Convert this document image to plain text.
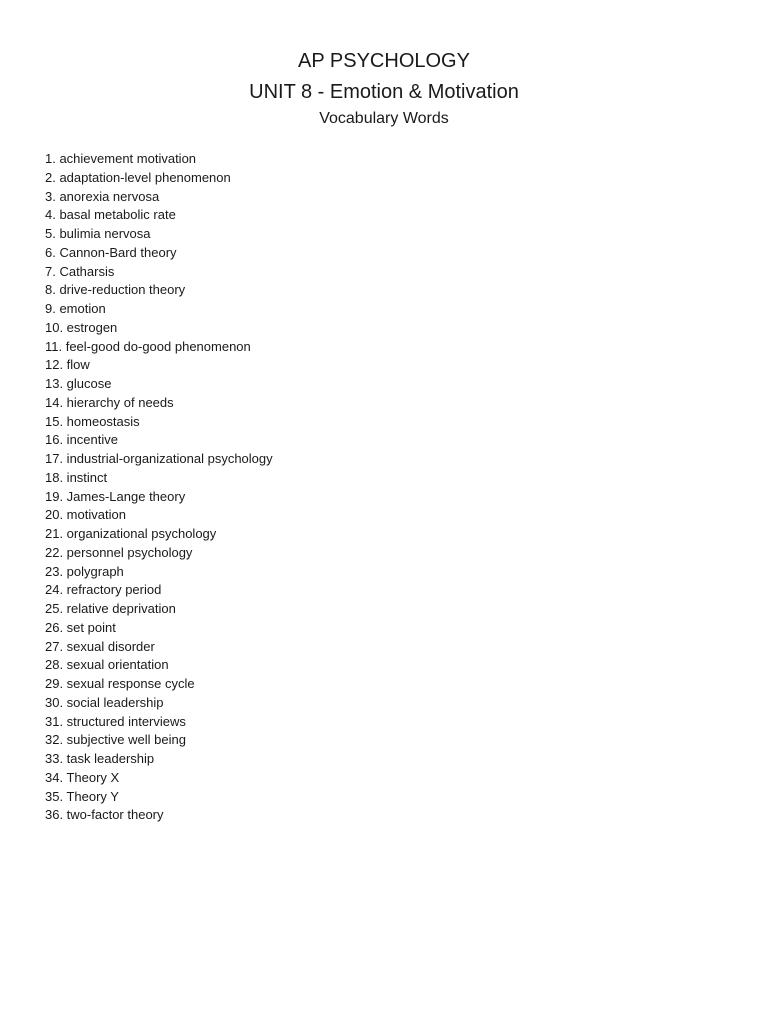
AP PSYCHOLOGY
UNIT 8 - Emotion & Motivation
Vocabulary Words
1. achievement motivation
2. adaptation-level phenomenon
3. anorexia nervosa
4. basal metabolic rate
5. bulimia nervosa
6. Cannon-Bard theory
7. Catharsis
8. drive-reduction theory
9. emotion
10. estrogen
11. feel-good do-good phenomenon
12. flow
13. glucose
14. hierarchy of needs
15. homeostasis
16. incentive
17. industrial-organizational psychology
18. instinct
19. James-Lange theory
20. motivation
21. organizational psychology
22. personnel psychology
23. polygraph
24. refractory period
25. relative deprivation
26. set point
27. sexual disorder
28. sexual orientation
29. sexual response cycle
30. social leadership
31. structured interviews
32. subjective well being
33. task leadership
34. Theory X
35. Theory Y
36. two-factor theory
